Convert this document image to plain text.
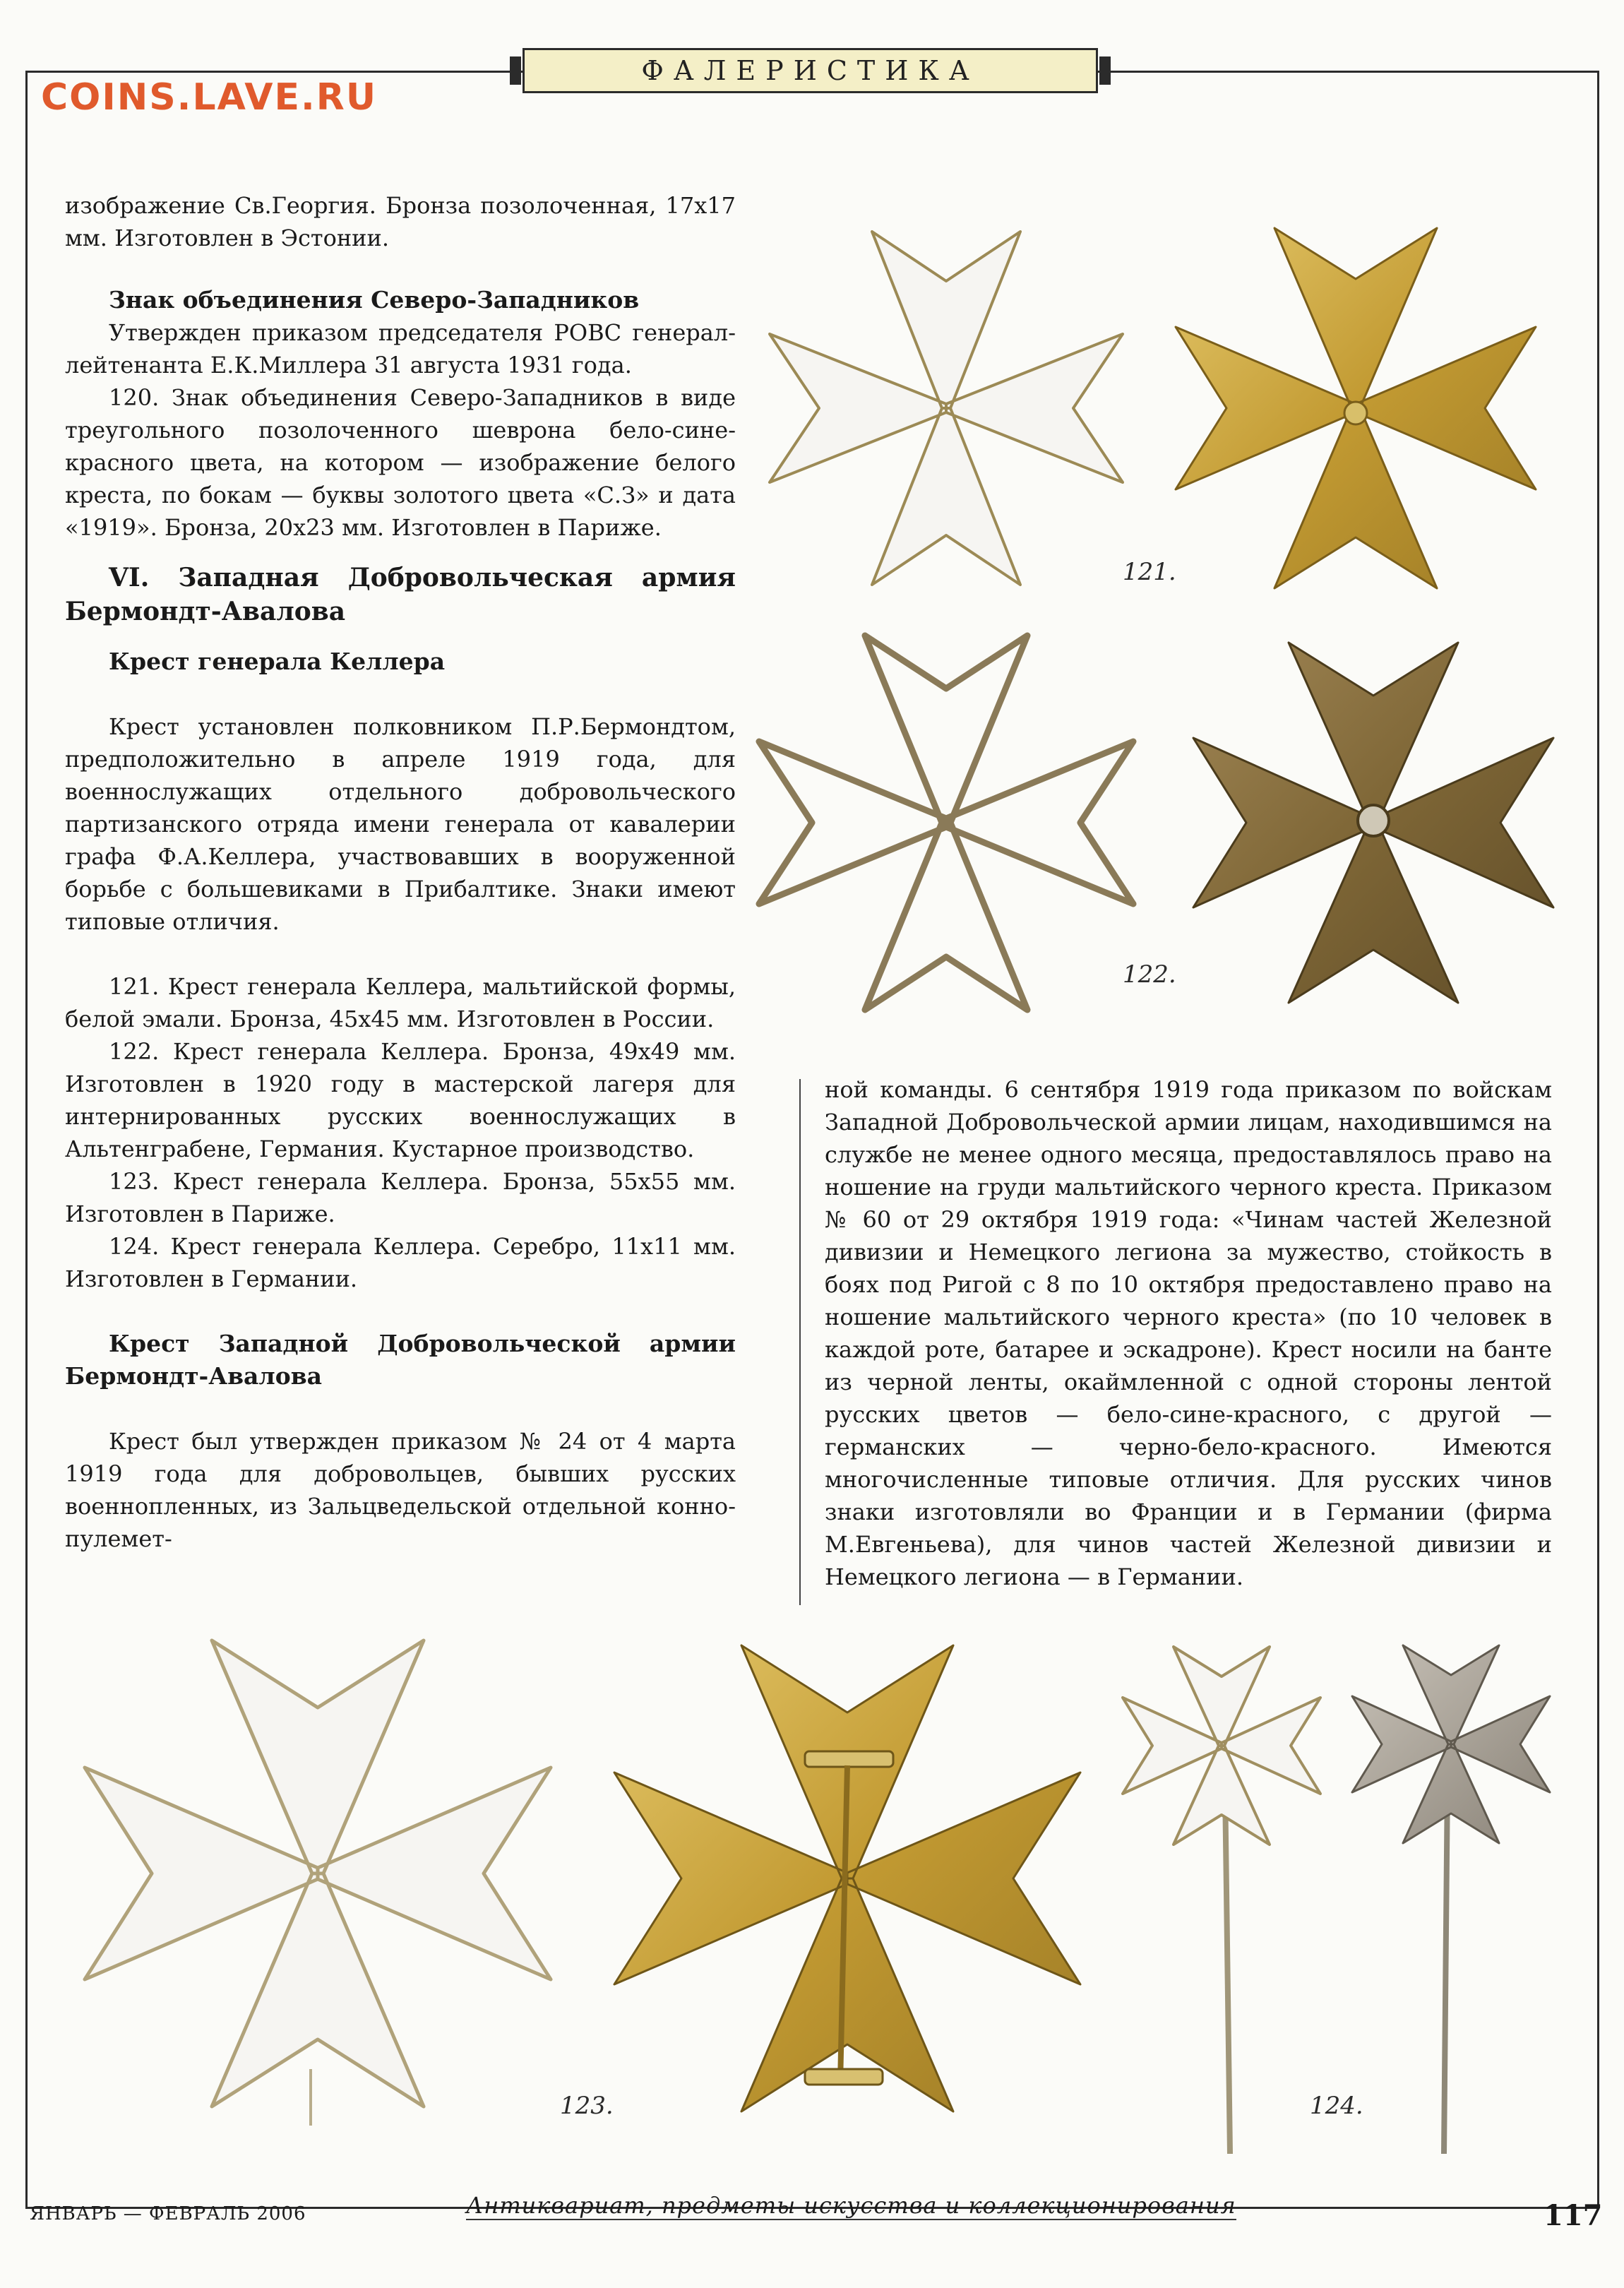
ФАЛЕРИСТИКА
COINS.LAVE.RU

изображение Св.Георгия. Бронза позолоченная, 17х17 мм. Изготовлен в Эстонии.

Знак объединения Северо-Западников

Утвержден приказом председателя РОВС генерал-лейтенанта Е.К.Миллера 31 августа 1931 года.

120. Знак объединения Северо-Западников в виде треугольного позолоченного шеврона бело-сине-красного цвета, на котором — изображение белого креста, по бокам — буквы золотого цвета «С.З» и дата «1919». Бронза, 20х23 мм. Изготовлен в Париже.

VI. Западная Добровольческая армия Бермондт-Авалова

Крест генерала Келлера

Крест установлен полковником П.Р.Бермондтом, предположительно в апреле 1919 года, для военнослужащих отдельного добровольческого партизанского отряда имени генерала от кавалерии графа Ф.А.Келлера, участвовавших в вооруженной борьбе с большевиками в Прибалтике. Знаки имеют типовые отличия.

121. Крест генерала Келлера, мальтийской формы, белой эмали. Бронза, 45х45 мм. Изготовлен в России.

122. Крест генерала Келлера. Бронза, 49х49 мм. Изготовлен в 1920 году в мастерской лагеря для интернированных русских военнослужащих в Альтенграбене, Германия. Кустарное производство.

123. Крест генерала Келлера. Бронза, 55х55 мм. Изготовлен в Париже.

124. Крест генерала Келлера. Серебро, 11х11 мм. Изготовлен в Германии.

Крест Западной Добровольческой армии Бермондт-Авалова

Крест был утвержден приказом № 24 от 4 марта 1919 года для добровольцев, бывших русских военнопленных, из Зальцведельской отдельной конно-пулемет-

ной команды. 6 сентября 1919 года приказом по войскам Западной Добровольческой армии лицам, находившимся на службе не менее одного месяца, предоставлялось право на ношение на груди мальтийского черного креста. Приказом № 60 от 29 октября 1919 года: «Чинам частей Железной дивизии и Немецкого легиона за мужество, стойкость в боях под Ригой с 8 по 10 октября предоставлено право на ношение мальтийского черного креста» (по 10 человек в каждой роте, батарее и эскадроне). Крест носили на банте из черной ленты, окаймленной с одной стороны лентой русских цветов — бело-сине-красного, с другой — германских — черно-бело-красного. Имеются многочисленные типовые отличия. Для русских чинов знаки изготовляли во Франции и в Германии (фирма М.Евгеньева), для чинов частей Железной дивизии и Немецкого легиона — в Германии.

121.
122.
123.	124.
ЯНВАРЬ — ФЕВРАЛЬ 2006	Антиквариат, предметы искусства и коллекционирования	117
